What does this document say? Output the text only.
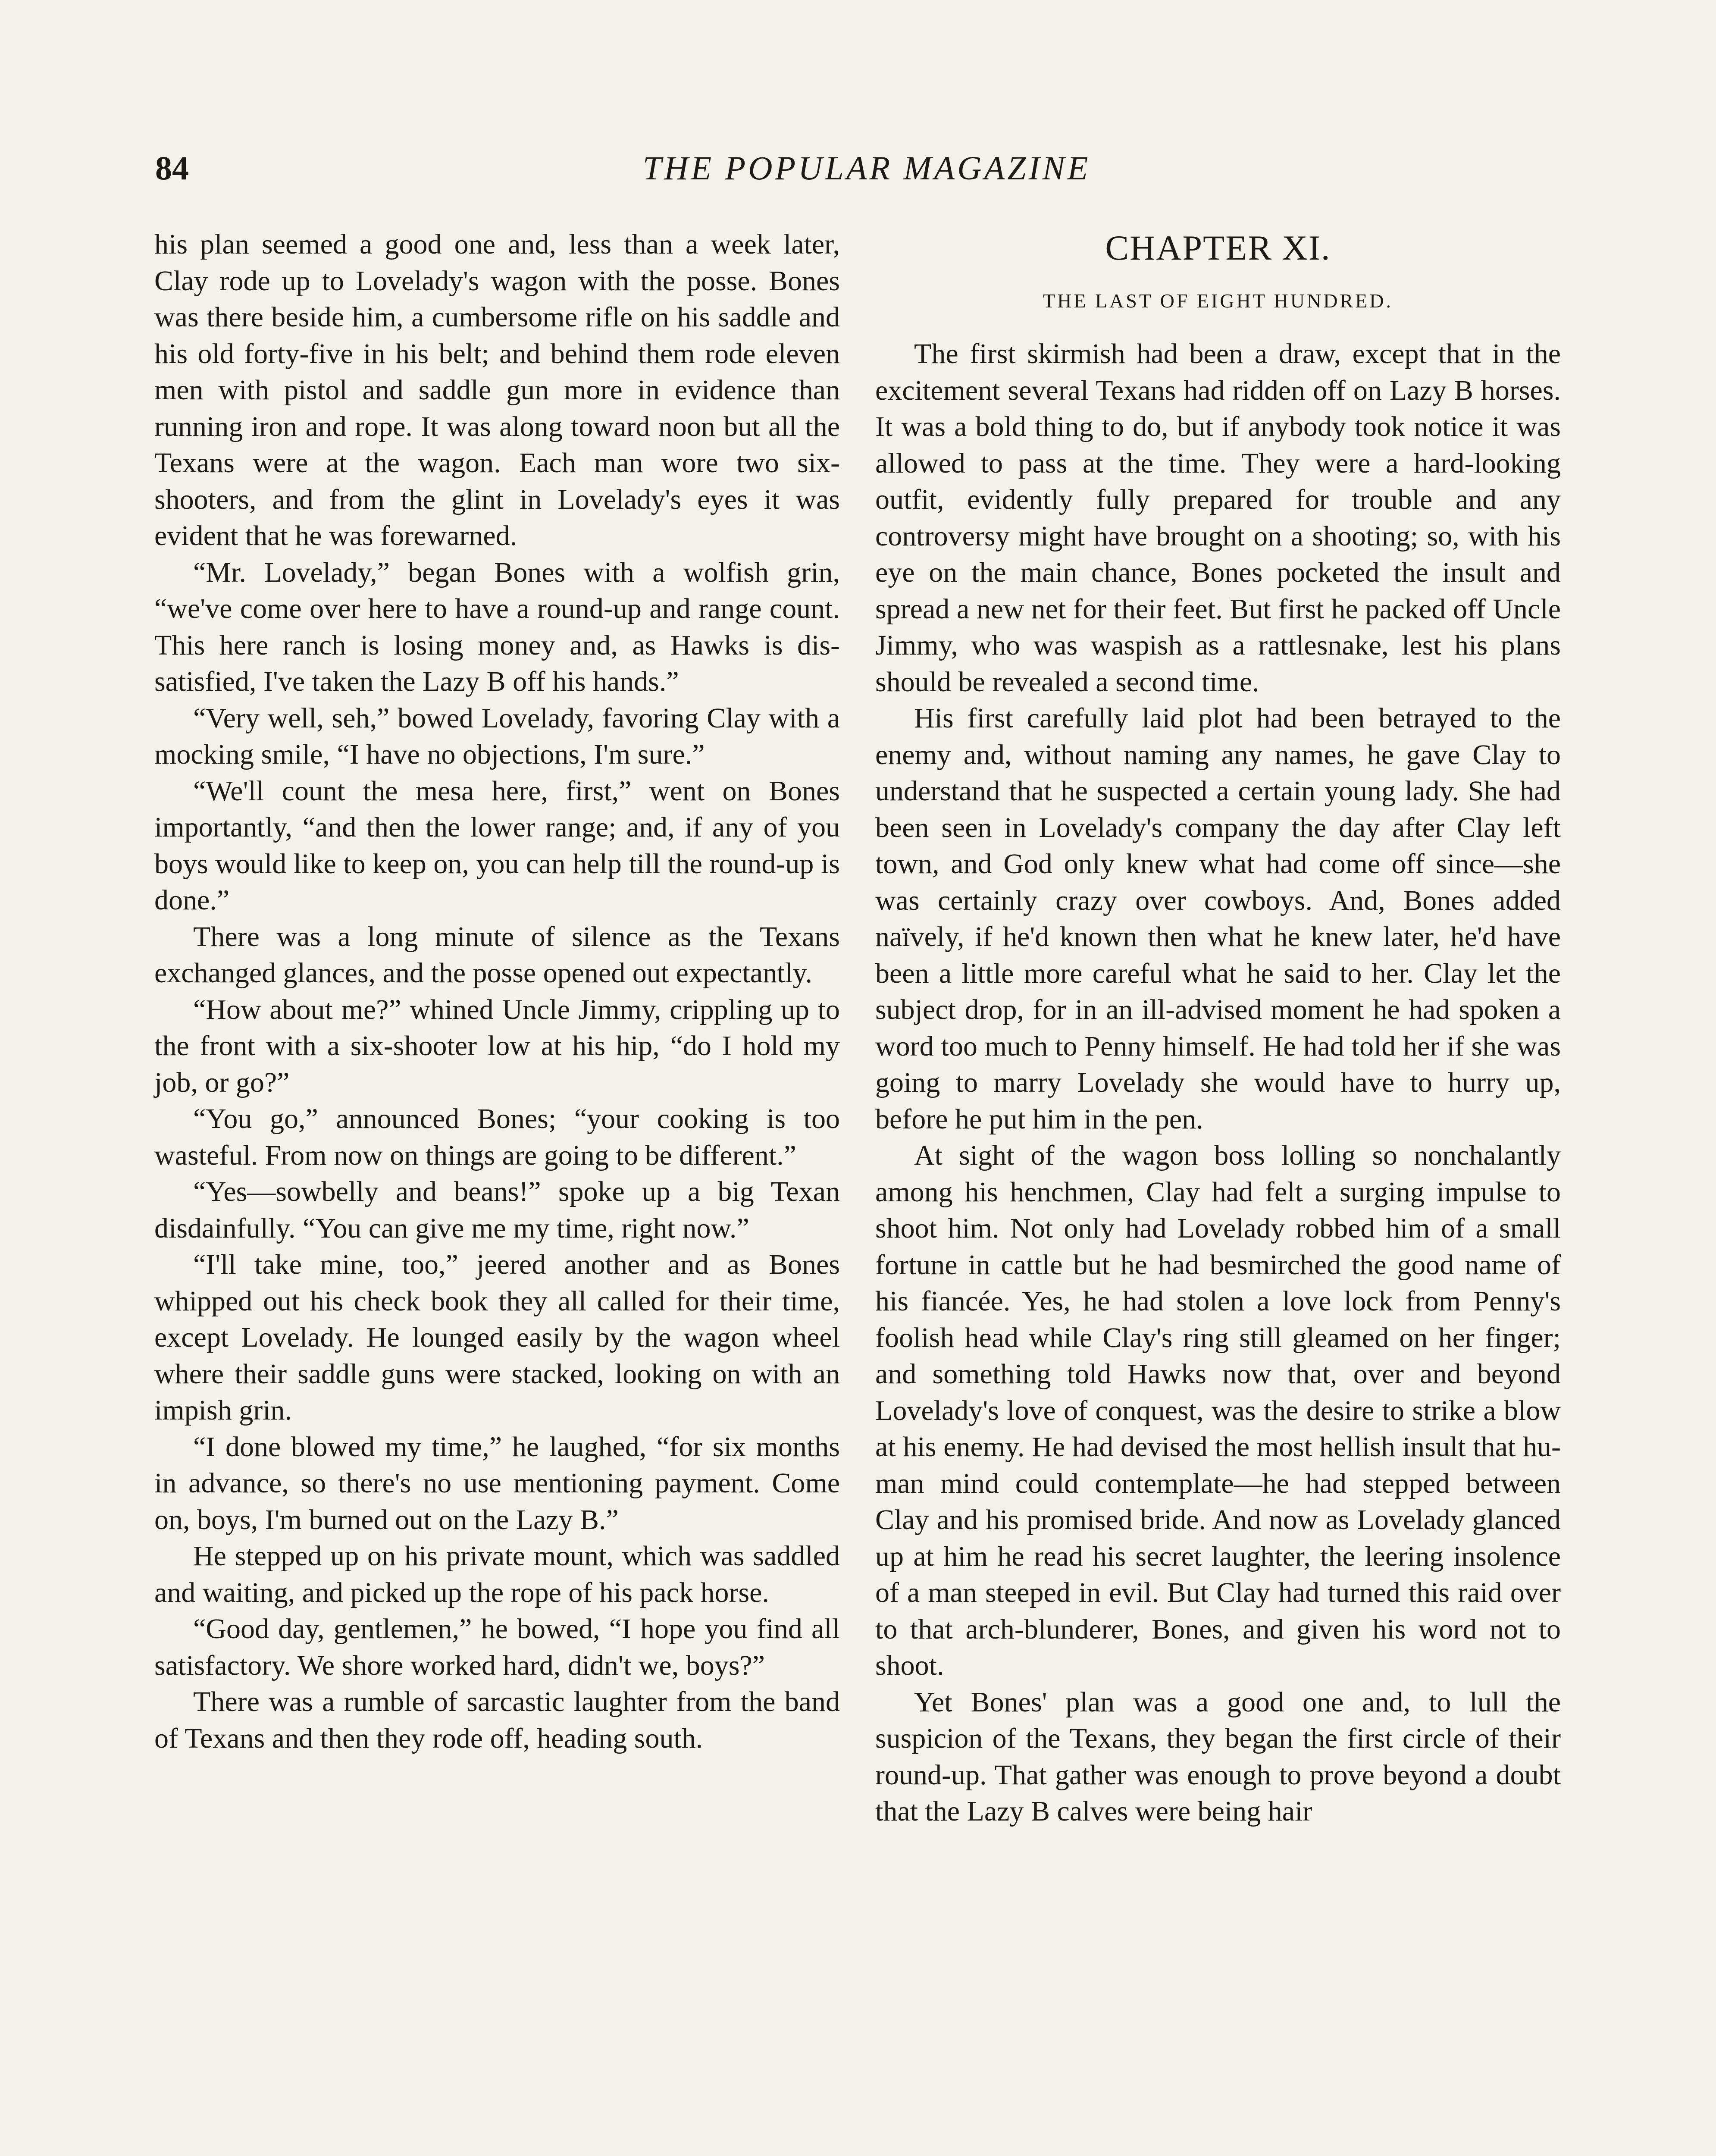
84	THE POPULAR MAGAZINE

his plan seemed a good one and, less than a week later, Clay rode up to Lovelady's wagon with the posse. Bones was there beside him, a cumbersome rifle on his saddle and his old forty-five in his belt; and behind them rode eleven men with pistol and saddle gun more in evidence than running iron and rope. It was along toward noon but all the Texans were at the wagon. Each man wore two six-shooters, and from the glint in Lovelady's eyes it was evident that he was forewarned.

“Mr. Lovelady,” began Bones with a wolfish grin, “we've come over here to have a round-up and range count. This here ranch is losing money and, as Hawks is dissatisfied, I've taken the Lazy B off his hands.”

“Very well, seh,” bowed Lovelady, favoring Clay with a mocking smile, “I have no objections, I'm sure.”

“We'll count the mesa here, first,” went on Bones importantly, “and then the lower range; and, if any of you boys would like to keep on, you can help till the round-up is done.”

There was a long minute of silence as the Texans exchanged glances, and the posse opened out expectantly.

“How about me?” whined Uncle Jimmy, crippling up to the front with a six-shooter low at his hip, “do I hold my job, or go?”

“You go,” announced Bones; “your cooking is too wasteful. From now on things are going to be different.”

“Yes—sowbelly and beans!” spoke up a big Texan disdainfully. “You can give me my time, right now.”

“I'll take mine, too,” jeered another and as Bones whipped out his check book they all called for their time, except Lovelady. He lounged easily by the wagon wheel where their saddle guns were stacked, looking on with an impish grin.

“I done blowed my time,” he laughed, “for six months in advance, so there's no use mentioning payment. Come on, boys, I'm burned out on the Lazy B.”

He stepped up on his private mount, which was saddled and waiting, and picked up the rope of his pack horse.

“Good day, gentlemen,” he bowed, “I hope you find all satisfactory. We shore worked hard, didn't we, boys?”

There was a rumble of sarcastic laughter from the band of Texans and then they rode off, heading south.

CHAPTER XI.
THE LAST OF EIGHT HUNDRED.

The first skirmish had been a draw, except that in the excitement several Texans had ridden off on Lazy B horses. It was a bold thing to do, but if anybody took notice it was allowed to pass at the time. They were a hard-looking outfit, evidently fully prepared for trouble and any controversy might have brought on a shooting; so, with his eye on the main chance, Bones pocketed the insult and spread a new net for their feet. But first he packed off Uncle Jimmy, who was waspish as a rattlesnake, lest his plans should be revealed a second time.

His first carefully laid plot had been betrayed to the enemy and, without naming any names, he gave Clay to understand that he suspected a certain young lady. She had been seen in Lovelady's company the day after Clay left town, and God only knew what had come off since—she was certainly crazy over cowboys. And, Bones added naïvely, if he'd known then what he knew later, he'd have been a little more careful what he said to her. Clay let the subject drop, for in an ill-advised moment he had spoken a word too much to Penny himself. He had told her if she was going to marry Lovelady she would have to hurry up, before he put him in the pen.

At sight of the wagon boss lolling so nonchalantly among his henchmen, Clay had felt a surging impulse to shoot him. Not only had Lovelady robbed him of a small fortune in cattle but he had besmirched the good name of his fiancée. Yes, he had stolen a love lock from Penny's foolish head while Clay's ring still gleamed on her finger; and something told Hawks now that, over and beyond Lovelady's love of conquest, was the desire to strike a blow at his enemy. He had devised the most hellish insult that human mind could contemplate—he had stepped between Clay and his promised bride. And now as Lovelady glanced up at him he read his secret laughter, the leering insolence of a man steeped in evil. But Clay had turned this raid over to that arch-blunderer, Bones, and given his word not to shoot.

Yet Bones' plan was a good one and, to lull the suspicion of the Texans, they began the first circle of their round-up. That gather was enough to prove beyond a doubt that the Lazy B calves were being hair
